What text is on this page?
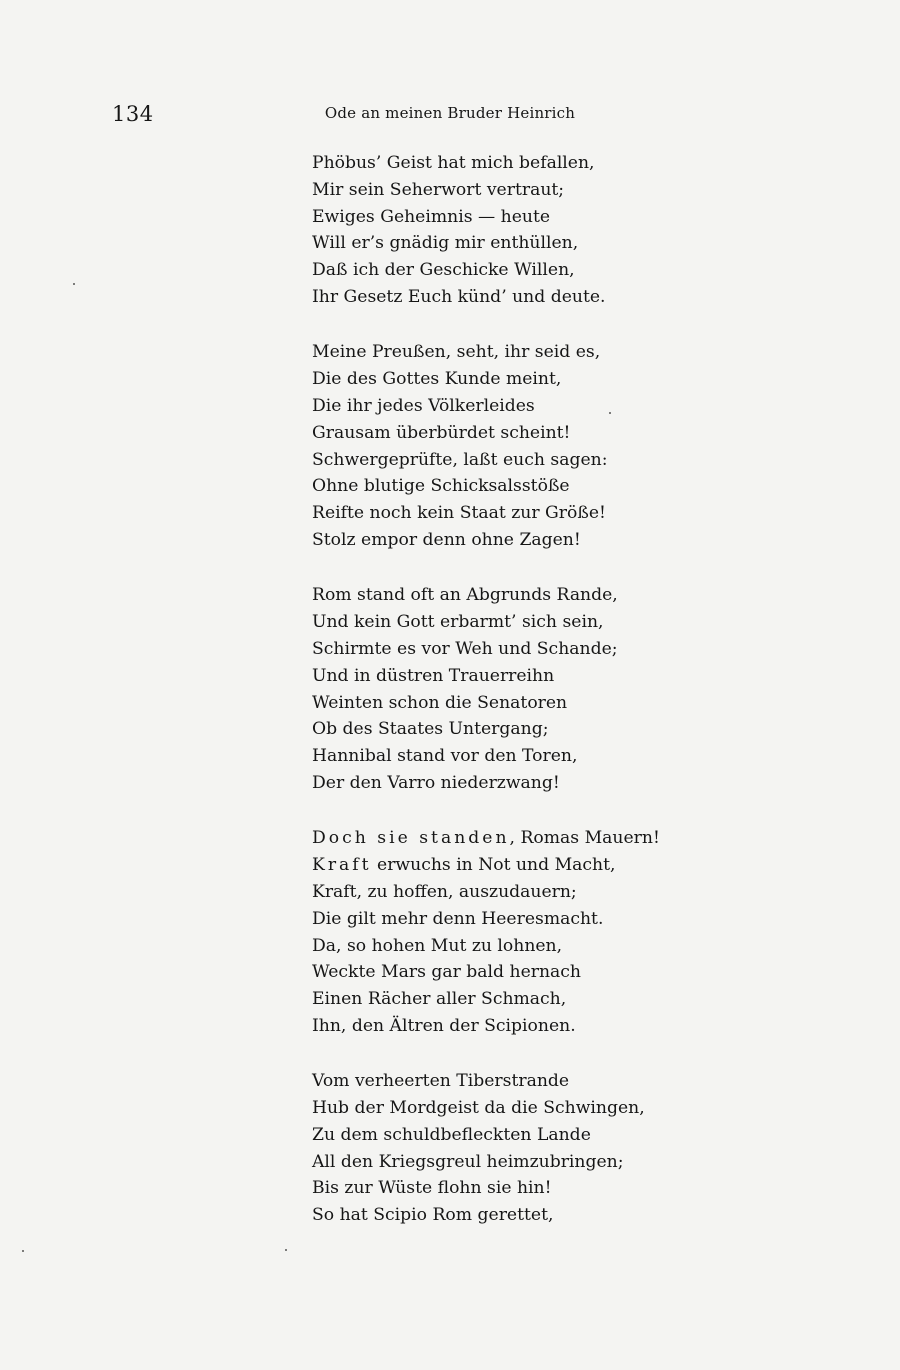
134	Ode an meinen Bruder Heinrich
Phöbus’ Geist hat mich befallen,
Mir sein Seherwort vertraut;
Ewiges Geheimnis — heute
Will er’s gnädig mir enthüllen,
Daß ich der Geschicke Willen,
Ihr Gesetz Euch künd’ und deute.
Meine Preußen, seht, ihr seid es,
Die des Gottes Kunde meint,
Die ihr jedes Völkerleides
Grausam überbürdet scheint!
Schwergeprüfte, laßt euch sagen:
Ohne blutige Schicksalsstöße
Reifte noch kein Staat zur Größe!
Stolz empor denn ohne Zagen!
Rom stand oft an Abgrunds Rande,
Und kein Gott erbarmt’ sich sein,
Schirmte es vor Weh und Schande;
Und in düstren Trauerreihn
Weinten schon die Senatoren
Ob des Staates Untergang;
Hannibal stand vor den Toren,
Der den Varro niederzwang!
Doch sie standen, Romas Mauern!
Kraft erwuchs in Not und Macht,
Kraft, zu hoffen, auszudauern;
Die gilt mehr denn Heeresmacht.
Da, so hohen Mut zu lohnen,
Weckte Mars gar bald hernach
Einen Rächer aller Schmach,
Ihn, den Ältren der Scipionen.
Vom verheerten Tiberstrande
Hub der Mordgeist da die Schwingen,
Zu dem schuldbefleckten Lande
All den Kriegsgreul heimzubringen;
Bis zur Wüste flohn sie hin!
So hat Scipio Rom gerettet,
